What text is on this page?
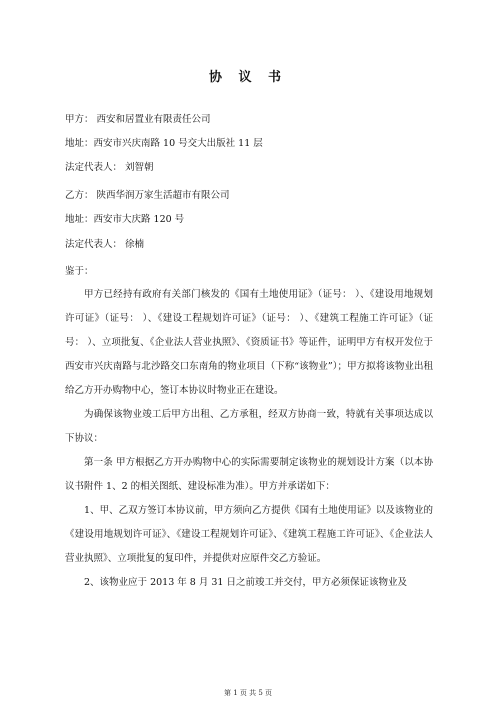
协 议 书
甲方： 西安和居置业有限责任公司
地址：西安市兴庆南路 10 号交大出版社 11 层
法定代表人： 刘智朝
乙方： 陕西华润万家生活超市有限公司
地址：西安市大庆路 120 号
法定代表人： 徐楠
鉴于：
甲方已经持有政府有关部门核发的《国有土地使用证》（证号： ）、《建设用地规划许可证》（证号： ）、《建设工程规划许可证》（证号： ）、《建筑工程施工许可证》（证号： ）、立项批复、《企业法人营业执照》、《资质证书》等证件，证明甲方有权开发位于西安市兴庆南路与北沙路交口东南角的物业项目（下称“该物业”）；甲方拟将该物业出租给乙方开办购物中心，签订本协议时物业正在建设。
为确保该物业竣工后甲方出租、乙方承租，经双方协商一致，特就有关事项达成以下协议：
第一条 甲方根据乙方开办购物中心的实际需要制定该物业的规划设计方案（以本协议书附件 1、2 的相关图纸、建设标准为准）。甲方并承诺如下：
1、甲、乙双方签订本协议前，甲方须向乙方提供《国有土地使用证》以及该物业的《建设用地规划许可证》、《建设工程规划许可证》、《建筑工程施工许可证》、《企业法人营业执照》、立项批复的复印件，并提供对应原件交乙方验证。
2、该物业应于 2013 年 8 月 31 日之前竣工并交付，甲方必须保证该物业及
第 1 页 共 5 页
